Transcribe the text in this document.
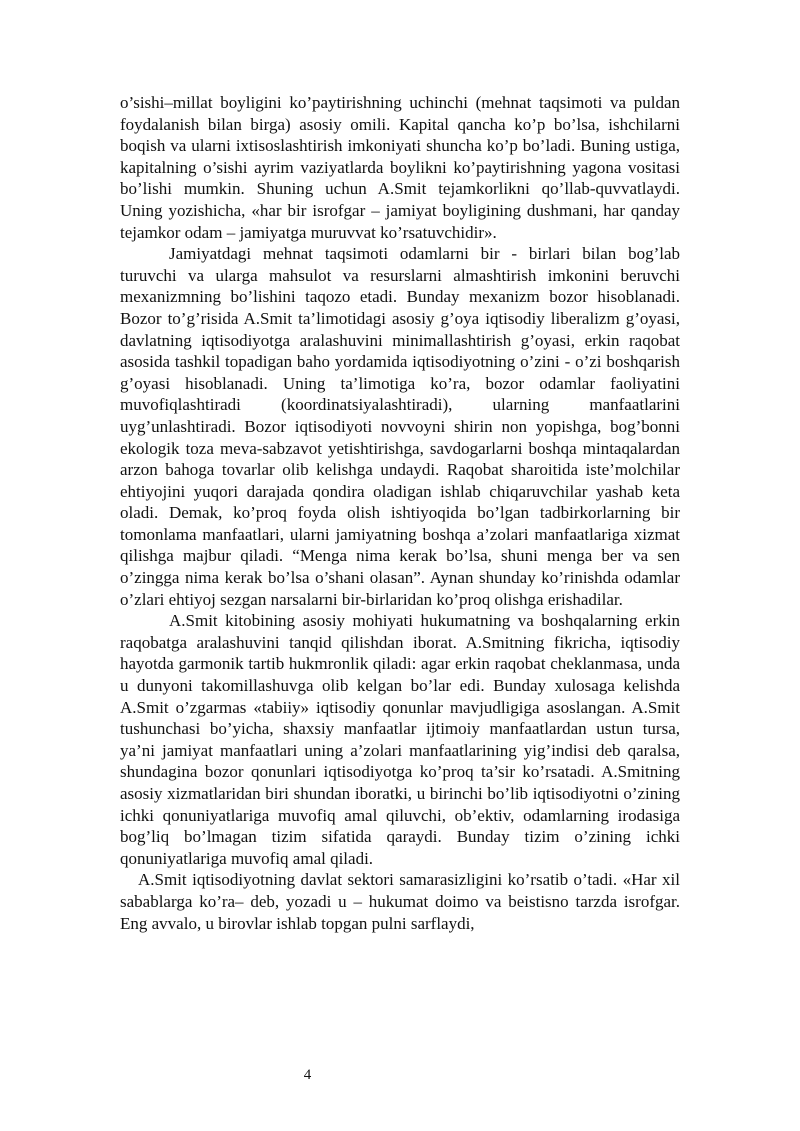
o’sishi–millat boyligini ko’paytirishning uchinchi (mehnat taqsimoti va puldan foydalanish bilan birga) asosiy omili. Kapital qancha ko’p bo’lsa, ishchilarni boqish va ularni ixtisoslashtirish imkoniyati shuncha ko’p bo’ladi. Buning ustiga, kapitalning o’sishi ayrim vaziyatlarda boylikni ko’paytirishning yagona vositasi bo’lishi mumkin. Shuning uchun A.Smit tejamkorlikni qo’llab-quvvatlaydi. Uning yozishicha, «har bir isrofgar – jamiyat boyligining dushmani, har qanday tejamkor odam – jamiyatga muruvvat ko’rsatuvchidir».

Jamiyatdagi mehnat taqsimoti odamlarni bir - birlari bilan bog’lab turuvchi va ularga mahsulot va resurslarni almashtirish imkonini beruvchi mexanizmning bo’lishini taqozo etadi. Bunday mexanizm bozor hisoblanadi. Bozor to’g’risida A.Smit ta’limotidagi asosiy g’oya iqtisodiy liberalizm g’oyasi, davlatning iqtisodiyotga aralashuvini minimallashtirish g’oyasi, erkin raqobat asosida tashkil topadigan baho yordamida iqtisodiyotning o’zini - o’zi boshqarish g’oyasi hisoblanadi. Uning ta’limotiga ko’ra, bozor odamlar faoliyatini muvofiqlashtiradi (koordinatsiyalashtiradi), ularning manfaatlarini uyg’unlashtiradi. Bozor iqtisodiyoti novvoyni shirin non yopishga, bog’bonni ekologik toza meva-sabzavot yetishtirishga, savdogarlarni boshqa mintaqalardan arzon bahoga tovarlar olib kelishga undaydi. Raqobat sharoitida iste’molchilar ehtiyojini yuqori darajada qondira oladigan ishlab chiqaruvchilar yashab keta oladi. Demak, ko’proq foyda olish ishtiyoqida bo’lgan tadbirkorlarning bir tomonlama manfaatlari, ularni jamiyatning boshqa a’zolari manfaatlariga xizmat qilishga majbur qiladi. “Menga nima kerak bo’lsa, shuni menga ber va sen o’zingga nima kerak bo’lsa o’shani olasan”. Aynan shunday ko’rinishda odamlar o’zlari ehtiyoj sezgan narsalarni bir-birlaridan ko’proq olishga erishadilar.

A.Smit kitobining asosiy mohiyati hukumatning va boshqalarning erkin raqobatga aralashuvini tanqid qilishdan iborat. A.Smitning fikricha, iqtisodiy hayotda garmonik tartib hukmronlik qiladi: agar erkin raqobat cheklanmasa, unda u dunyoni takomillashuvga olib kelgan bo’lar edi. Bunday xulosaga kelishda A.Smit o’zgarmas «tabiiy» iqtisodiy qonunlar mavjudligiga asoslangan. A.Smit tushunchasi bo’yicha, shaxsiy manfaatlar ijtimoiy manfaatlardan ustun tursa, ya’ni jamiyat manfaatlari uning a’zolari manfaatlarining yig’indisi deb qaralsa, shundagina bozor qonunlari iqtisodiyotga ko’proq ta’sir ko’rsatadi. A.Smitning asosiy xizmatlaridan biri shundan iboratki, u birinchi bo’lib iqtisodiyotni o’zining ichki qonuniyatlariga muvofiq amal qiluvchi, ob’ektiv, odamlarning irodasiga bog’liq bo’lmagan tizim sifatida qaraydi. Bunday tizim o’zining ichki qonuniyatlariga muvofiq amal qiladi.

A.Smit iqtisodiyotning davlat sektori samarasizligini ko’rsatib o’tadi. «Har xil sabablarga ko’ra– deb, yozadi u – hukumat doimo va beistisno tarzda isrofgar. Eng avvalo, u birovlar ishlab topgan pulni sarflaydi,

4
